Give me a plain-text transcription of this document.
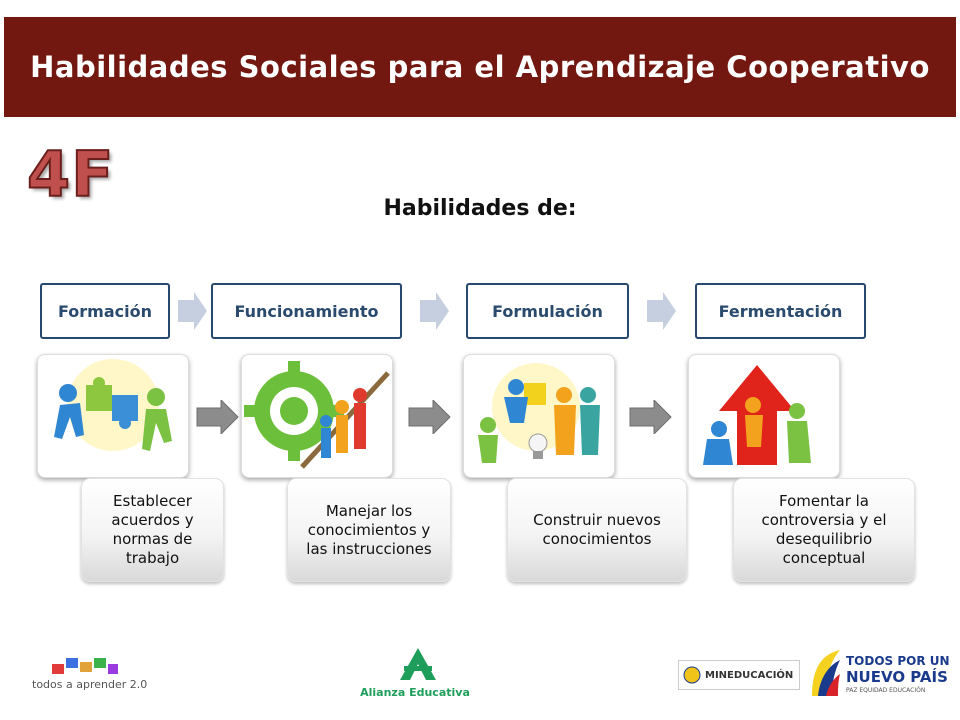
Habilidades Sociales para el Aprendizaje Cooperativo
4F	Habilidades de:
Formación	Funcionamiento	Formulación	Fermentación
Establecer acuerdos y normas de trabajo
Manejar los conocimientos y las instrucciones
Construir nuevos conocimientos
Fomentar la controversia y el desequilibrio conceptual
todos a aprender 2.0
Alianza Educativa
MINEDUCACIÓN
TODOS POR UN
NUEVO PAÍS
PAZ EQUIDAD EDUCACIÓN
